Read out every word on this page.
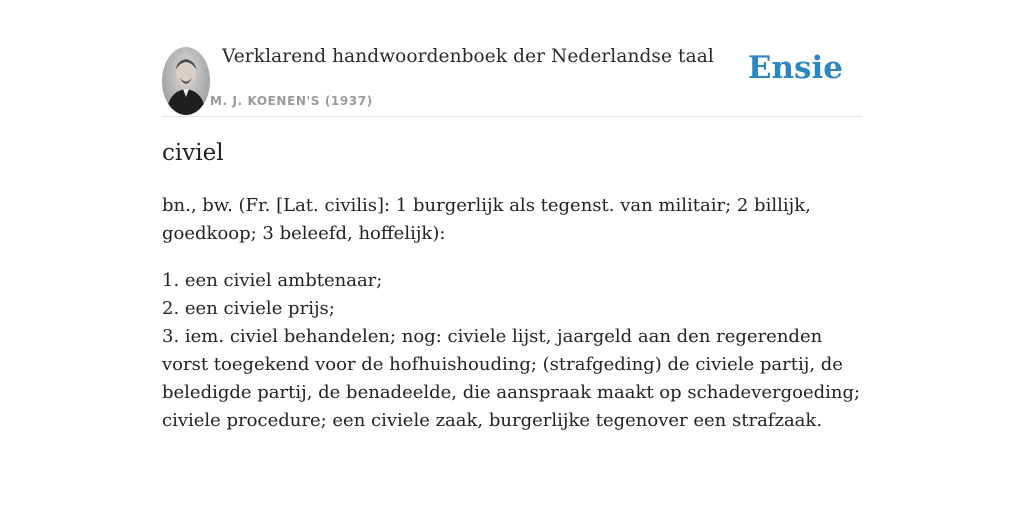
Verklarend handwoordenboek der Nederlandse taal
M. J. KOENEN'S (1937)
Ensie
civiel

bn., bw. (Fr. [Lat. civilis]: 1 burgerlijk als tegenst. van militair; 2 billijk, goedkoop; 3 beleefd, hoffelijk):

1. een civiel ambtenaar;
2. een civiele prijs;
3. iem. civiel behandelen; nog: civiele lijst, jaargeld aan den regerenden vorst toegekend voor de hofhuishouding; (strafgeding) de civiele partij, de beledigde partij, de benadeelde, die aanspraak maakt op schadevergoeding; civiele procedure; een civiele zaak, burgerlijke tegenover een strafzaak.
